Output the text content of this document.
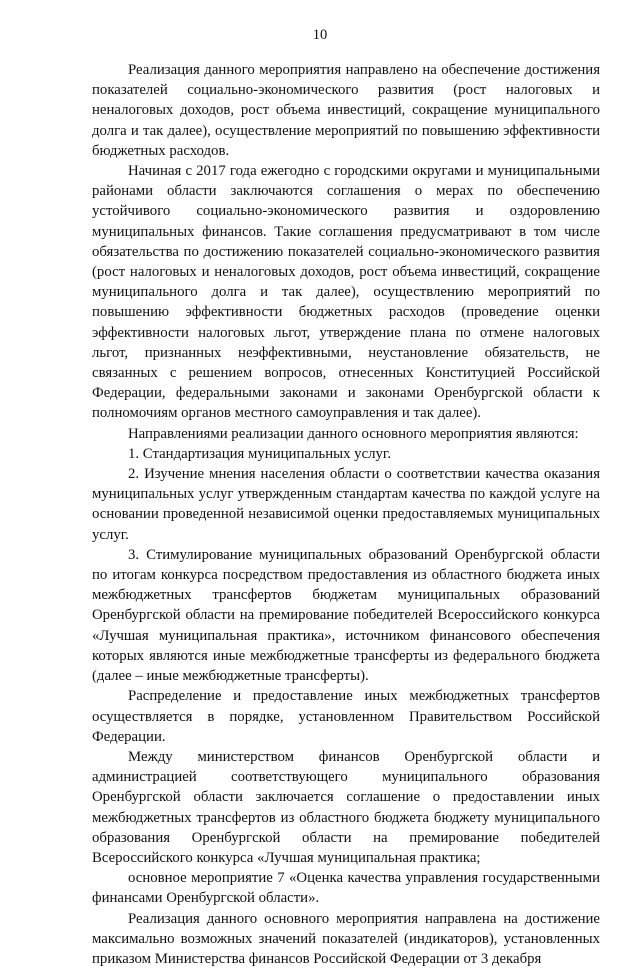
10

Реализация данного мероприятия направлено на обеспечение достижения показателей социально-экономического развития (рост налоговых и неналоговых доходов, рост объема инвестиций, сокращение муниципального долга и так далее), осуществление мероприятий по повышению эффективности бюджетных расходов.

Начиная с 2017 года ежегодно с городскими округами и муниципальными районами области заключаются соглашения о мерах по обеспечению устойчивого социально-экономического развития и оздоровлению муниципальных финансов. Такие соглашения предусматривают в том числе обязательства по достижению показателей социально-экономического развития (рост налоговых и неналоговых доходов, рост объема инвестиций, сокращение муниципального долга и так далее), осуществлению мероприятий по повышению эффективности бюджетных расходов (проведение оценки эффективности налоговых льгот, утверждение плана по отмене налоговых льгот, признанных неэффективными, неустановление обязательств, не связанных с решением вопросов, отнесенных Конституцией Российской Федерации, федеральными законами и законами Оренбургской области к полномочиям органов местного самоуправления и так далее).

Направлениями реализации данного основного мероприятия являются:

1. Стандартизация муниципальных услуг.

2. Изучение мнения населения области о соответствии качества оказания муниципальных услуг утвержденным стандартам качества по каждой услуге на основании проведенной независимой оценки предоставляемых муниципальных услуг.

3. Стимулирование муниципальных образований Оренбургской области по итогам конкурса посредством предоставления из областного бюджета иных межбюджетных трансфертов бюджетам муниципальных образований Оренбургской области на премирование победителей Всероссийского конкурса «Лучшая муниципальная практика», источником финансового обеспечения которых являются иные межбюджетные трансферты из федерального бюджета (далее – иные межбюджетные трансферты).

Распределение и предоставление иных межбюджетных трансфертов осуществляется в порядке, установленном Правительством Российской Федерации.

Между министерством финансов Оренбургской области и администрацией соответствующего муниципального образования Оренбургской области заключается соглашение о предоставлении иных межбюджетных трансфертов из областного бюджета бюджету муниципального образования Оренбургской области на премирование победителей Всероссийского конкурса «Лучшая муниципальная практика;

основное мероприятие 7 «Оценка качества управления государственными финансами Оренбургской области».

Реализация данного основного мероприятия направлена на достижение максимально возможных значений показателей (индикаторов), установленных приказом Министерства финансов Российской Федерации от 3 декабря
